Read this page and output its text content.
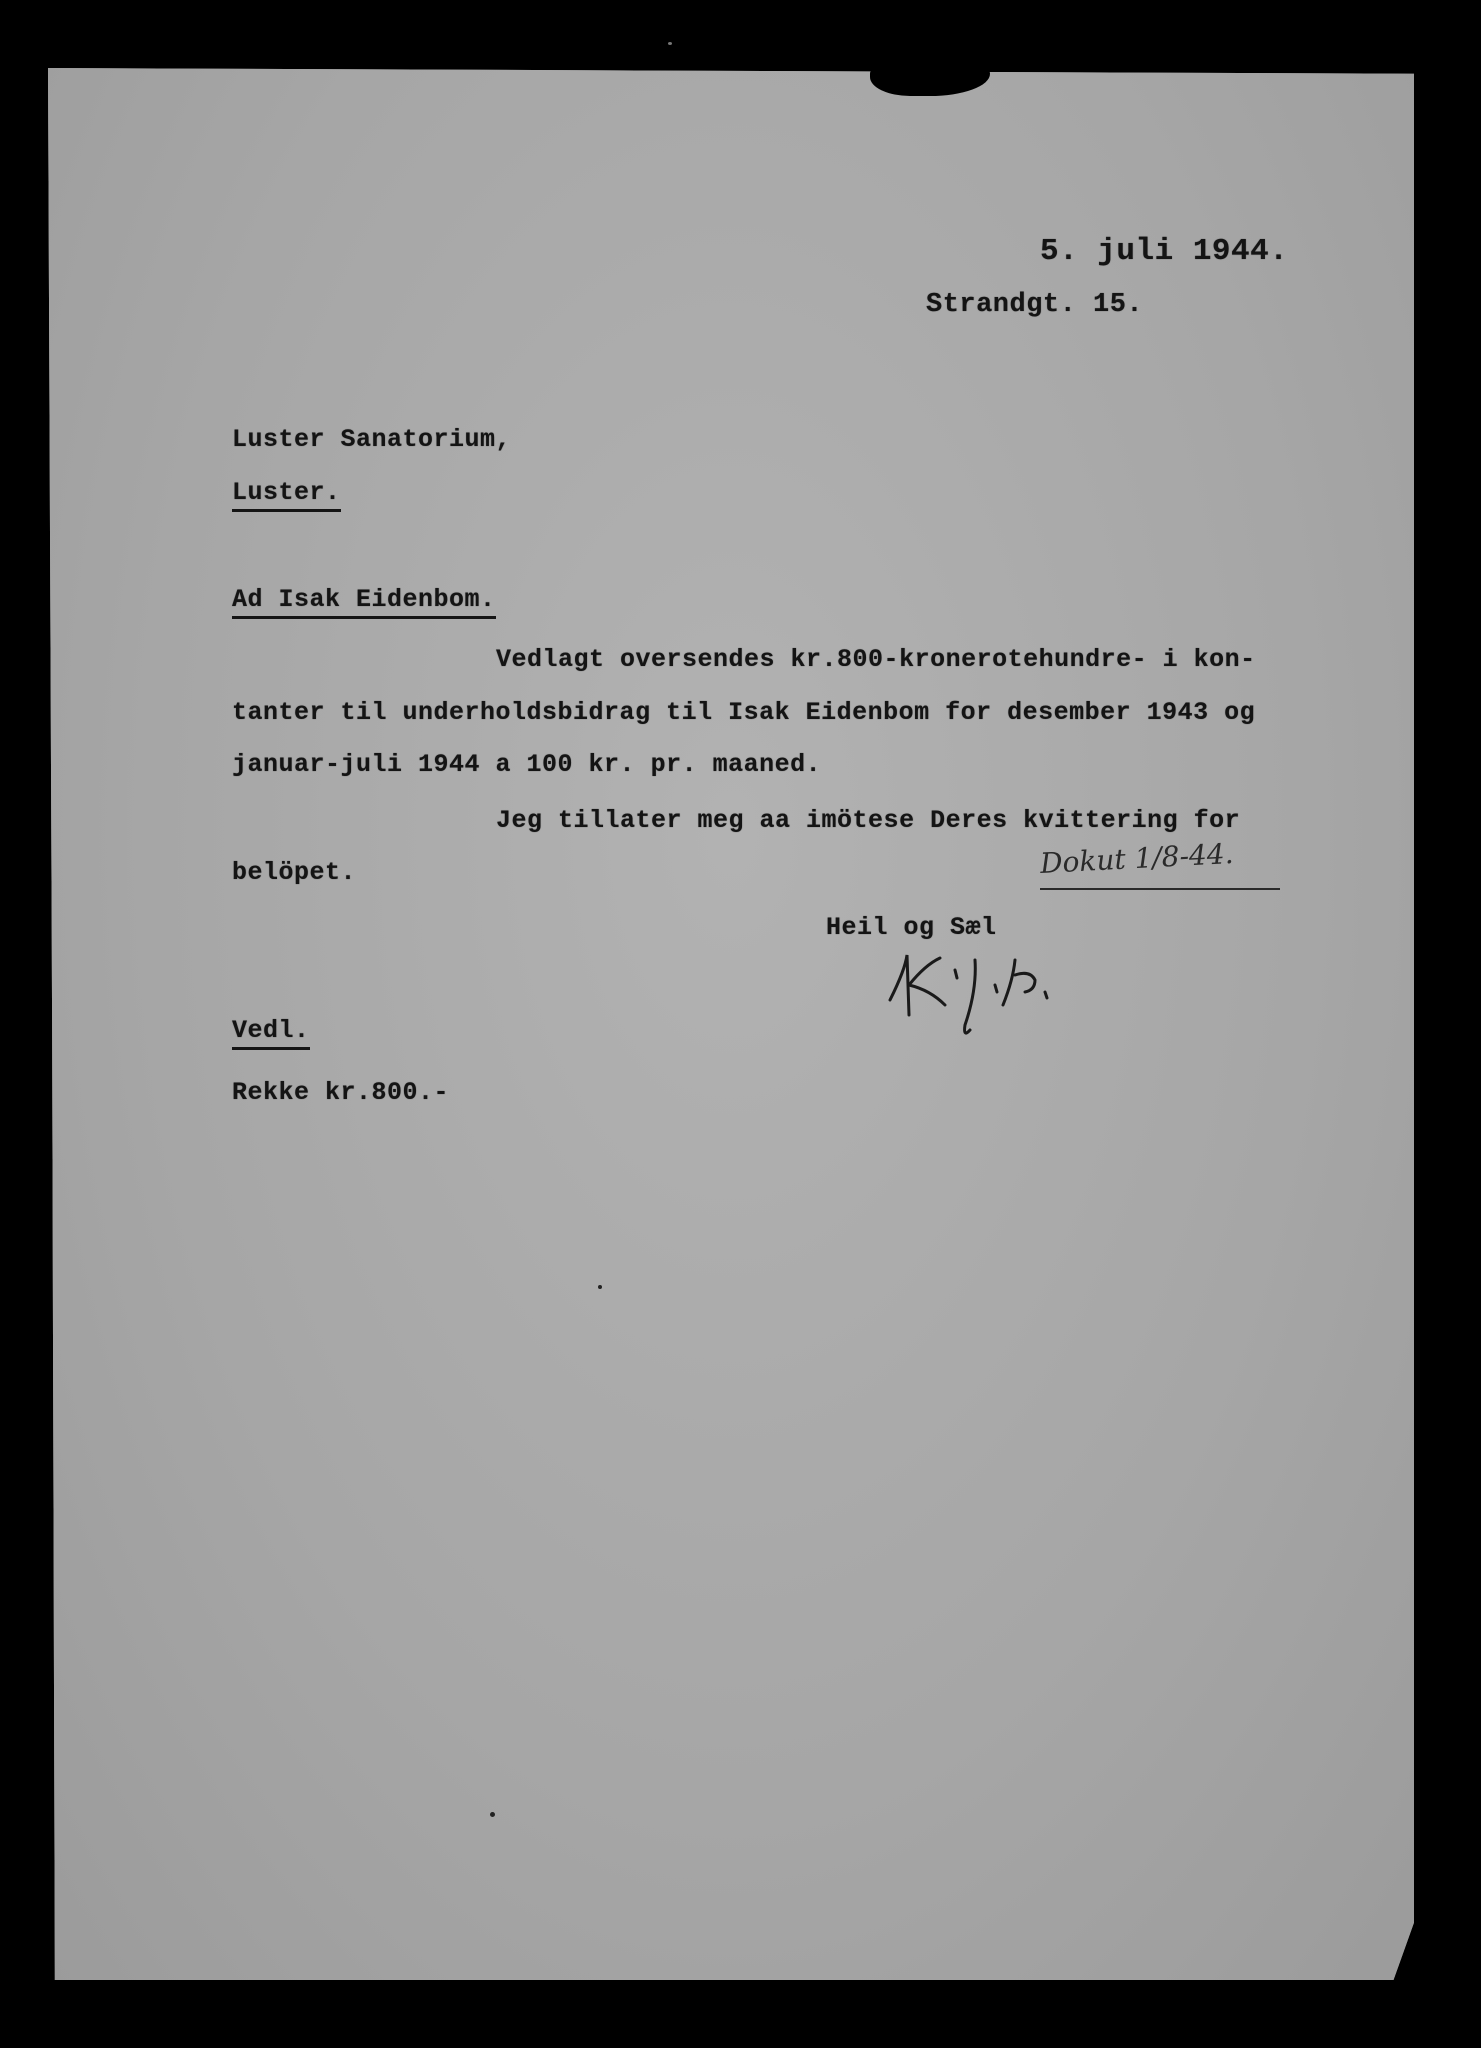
5. juli 1944.
Strandgt. 15.
Luster Sanatorium,
Luster.
Ad Isak Eidenbom.
Vedlagt oversendes kr.800-kronerotehundre- i kon-
tanter til underholdsbidrag til Isak Eidenbom for desember 1943 og
januar-juli 1944 a 100 kr. pr. maaned.
Jeg tillater meg aa imötese Deres kvittering for
belöpet.	Dokut 1/8-44.
Heil og Sæl
Vedl.
Rekke kr.800.-
